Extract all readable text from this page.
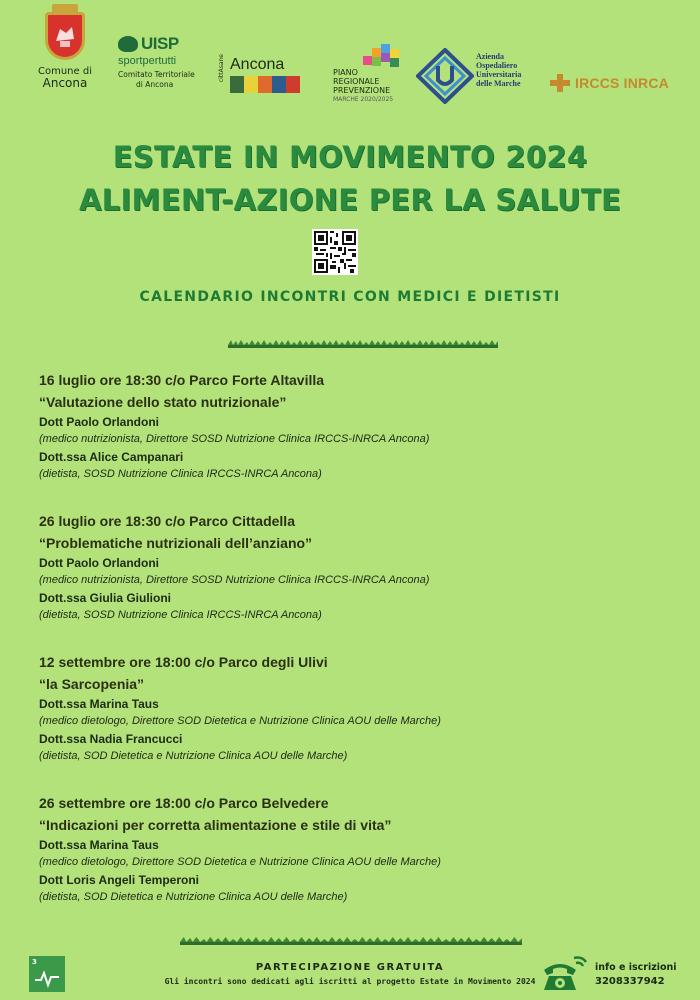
Comune di
Ancona
UISP
sportpertutti
Comitato Territoriale
di Ancona
cittAsane Ancona	PIANO
REGIONALE
PREVENZIONE
MARCHE 2020/2025
Azienda
Ospedaliero
Universitaria
delle Marche	IRCCS INRCA
ESTATE IN MOVIMENTO 2024
ALIMENT-AZIONE PER LA SALUTE
CALENDARIO INCONTRI CON MEDICI E DIETISTI
16 luglio ore 18:30 c/o Parco Forte Altavilla
“Valutazione dello stato nutrizionale”
Dott Paolo Orlandoni
(medico nutrizionista, Direttore SOSD Nutrizione Clinica IRCCS-INRCA Ancona)
Dott.ssa Alice Campanari
(dietista, SOSD Nutrizione Clinica IRCCS-INRCA Ancona)
26 luglio ore 18:30 c/o Parco Cittadella
“Problematiche nutrizionali dell’anziano”
Dott Paolo Orlandoni
(medico nutrizionista, Direttore SOSD Nutrizione Clinica IRCCS-INRCA Ancona)
Dott.ssa Giulia Giulioni
(dietista, SOSD Nutrizione Clinica IRCCS-INRCA Ancona)
12 settembre ore 18:00 c/o Parco degli Ulivi
“la Sarcopenia”
Dott.ssa Marina Taus
(medico dietologo, Direttore SOD Dietetica e Nutrizione Clinica AOU delle Marche)
Dott.ssa Nadia Francucci
(dietista, SOD Dietetica e Nutrizione Clinica AOU delle Marche)
26 settembre ore 18:00 c/o Parco Belvedere
“Indicazioni per corretta alimentazione e stile di vita”
Dott.ssa Marina Taus
(medico dietologo, Direttore SOD Dietetica e Nutrizione Clinica AOU delle Marche)
Dott Loris Angeli Temperoni
(dietista, SOD Dietetica e Nutrizione Clinica AOU delle Marche)
3	PARTECIPAZIONE GRATUITA
Gli incontri sono dedicati agli iscritti al progetto Estate in Movimento 2024
info e iscrizioni
3208337942
